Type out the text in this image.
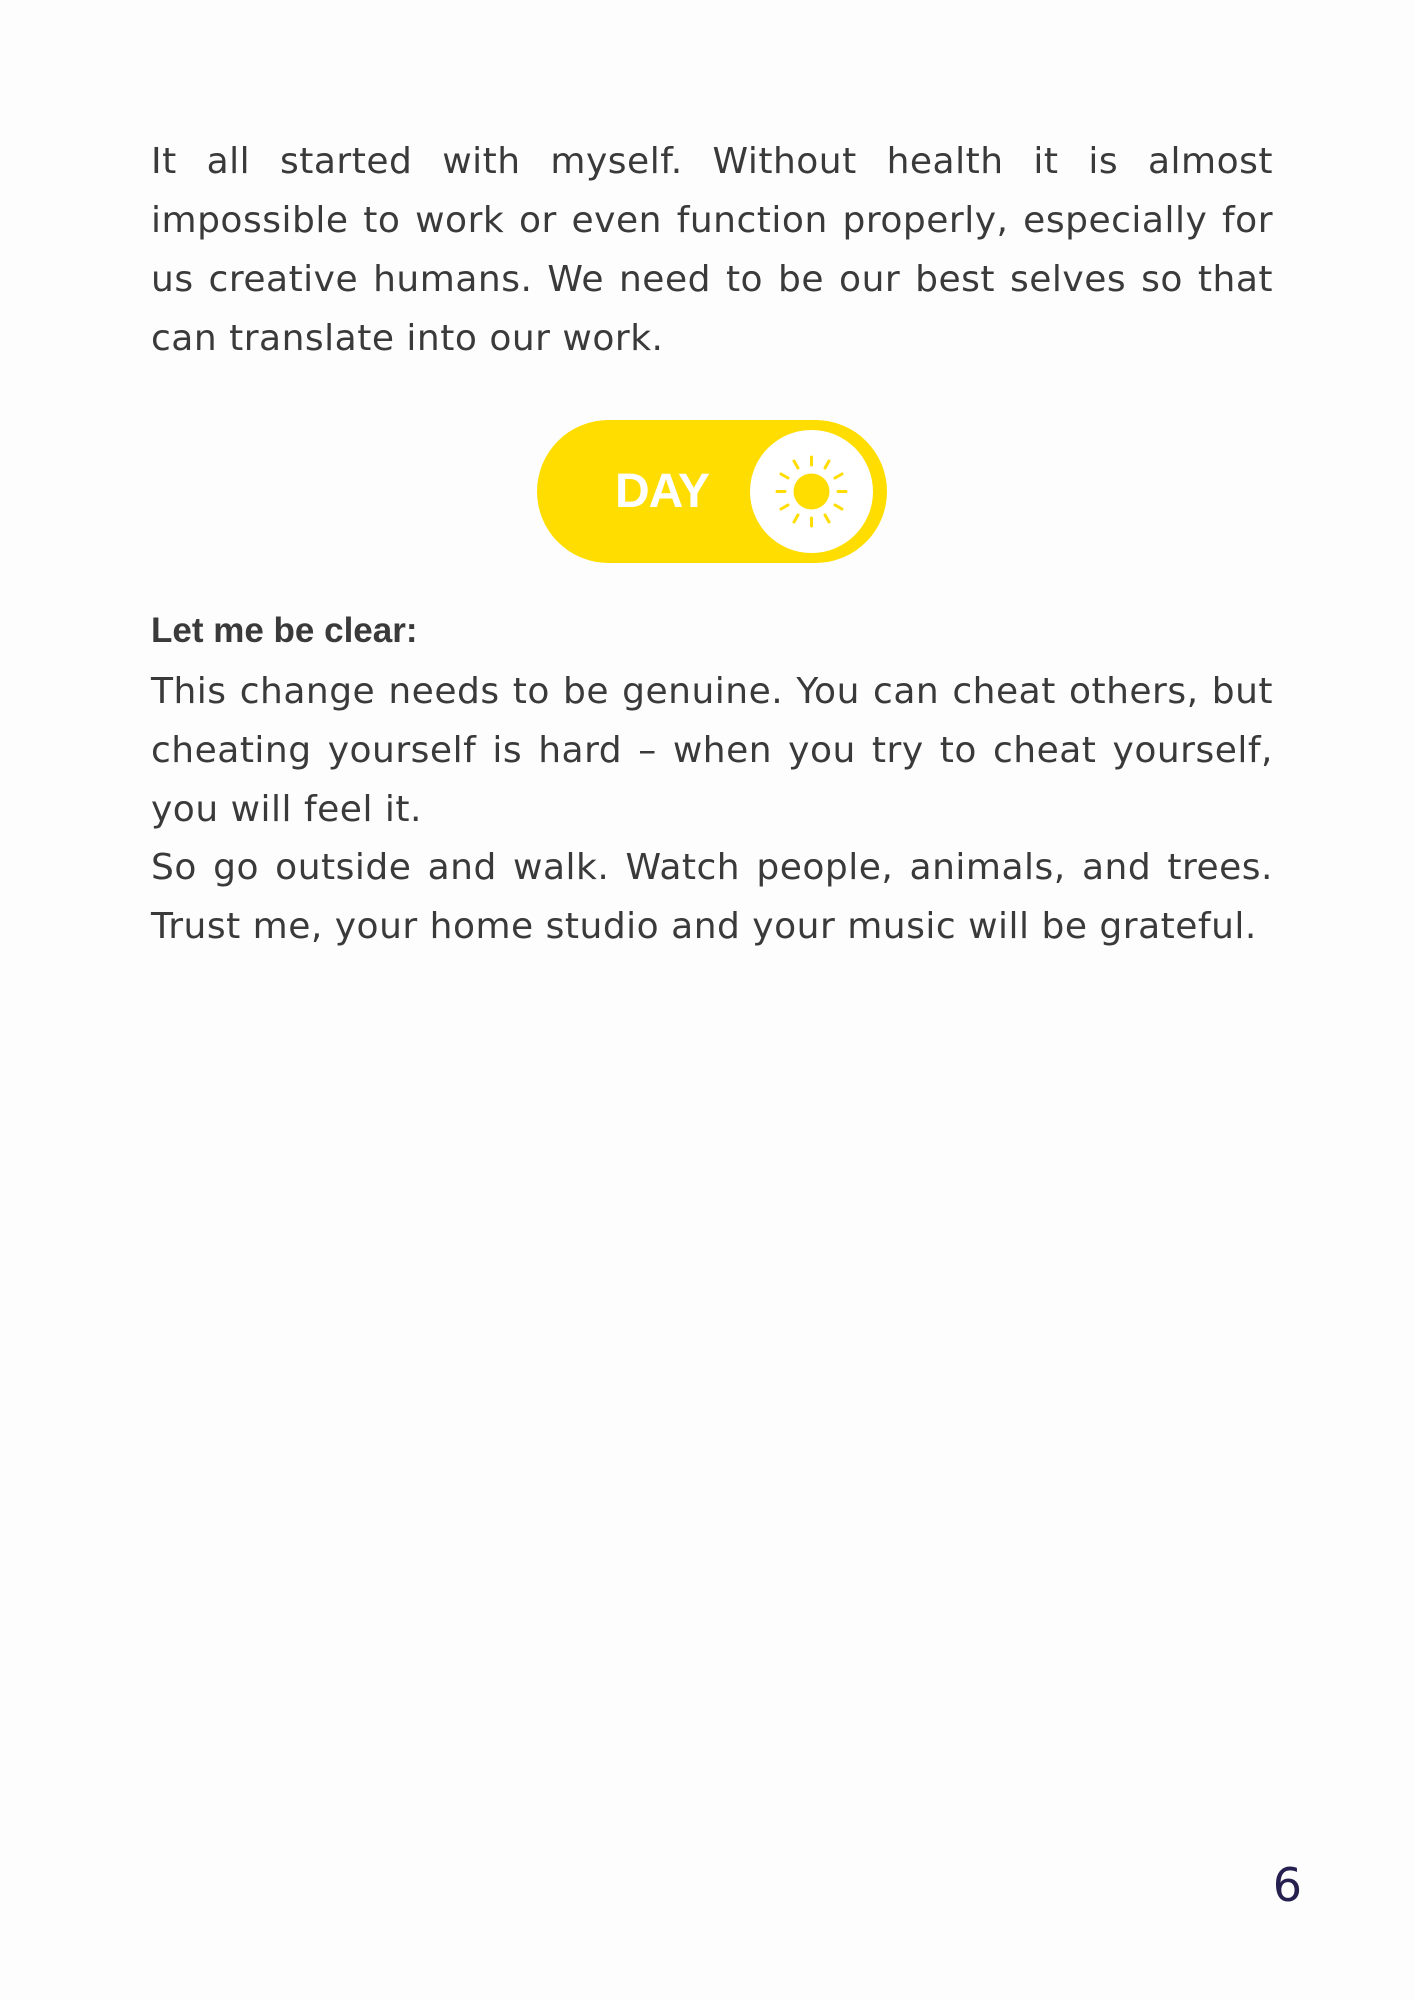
It all started with myself. Without health it is almost impossible to work or even function properly, especially for us creative humans. We need to be our best selves so that can translate into our work.

DAY
Let me be clear:

This change needs to be genuine. You can cheat others, but cheating yourself is hard – when you try to cheat yourself, you will feel it.

So go outside and walk. Watch people, animals, and trees. Trust me, your home studio and your music will be grateful.

6
